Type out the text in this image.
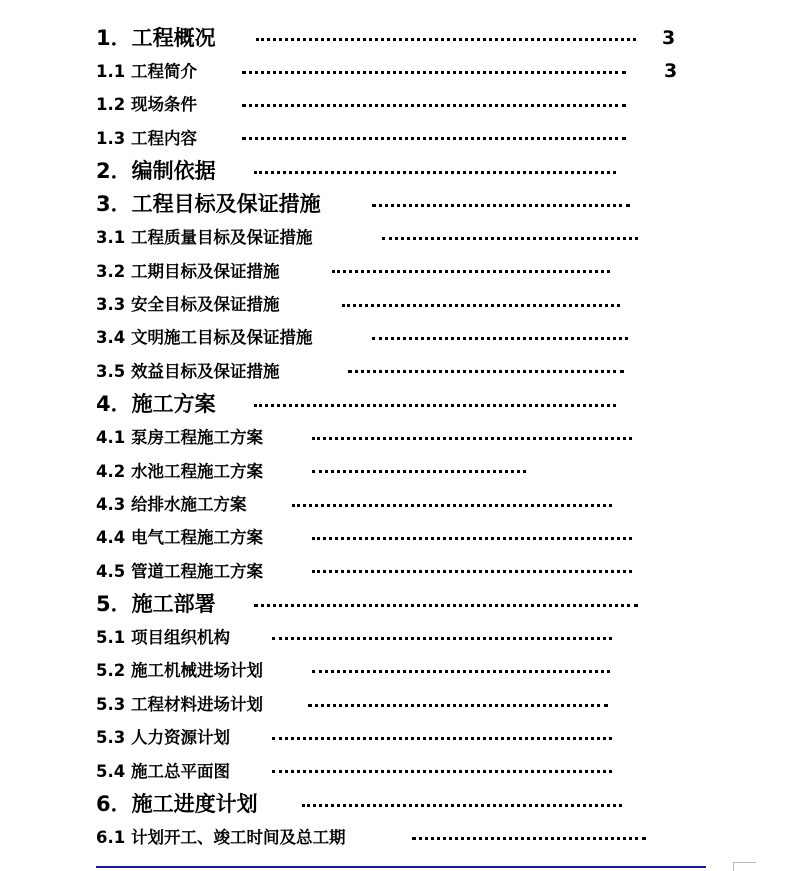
1．工程概况	3
1.1 工程简介	3
1.2 现场条件
1.3 工程内容
2．编制依据
3．工程目标及保证措施
3.1 工程质量目标及保证措施
3.2 工期目标及保证措施
3.3 安全目标及保证措施
3.4 文明施工目标及保证措施
3.5 效益目标及保证措施
4．施工方案
4.1 泵房工程施工方案
4.2 水池工程施工方案
4.3 给排水施工方案
4.4 电气工程施工方案
4.5 管道工程施工方案
5．施工部署
5.1 项目组织机构
5.2 施工机械进场计划
5.3 工程材料进场计划
5.3 人力资源计划
5.4 施工总平面图
6．施工进度计划
6.1 计划开工、竣工时间及总工期
